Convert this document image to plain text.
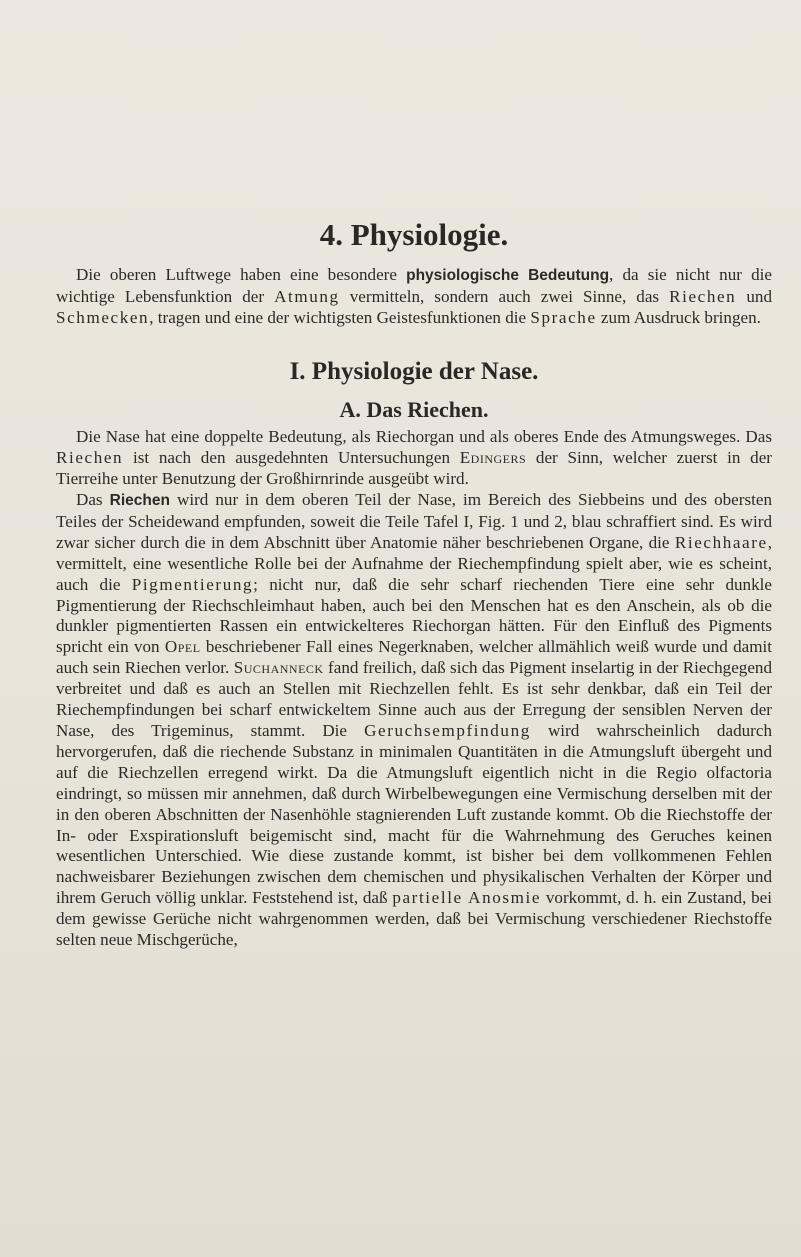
4. Physiologie.

Die oberen Luftwege haben eine besondere physiologische Bedeutung, da sie nicht nur die wichtige Lebensfunktion der Atmung vermitteln, sondern auch zwei Sinne, das Riechen und Schmecken, tragen und eine der wichtigsten Geistesfunktionen die Sprache zum Ausdruck bringen.

I. Physiologie der Nase.
A. Das Riechen.

Die Nase hat eine doppelte Bedeutung, als Riechorgan und als oberes Ende des Atmungsweges. Das Riechen ist nach den ausgedehnten Untersuchungen Edingers der Sinn, welcher zuerst in der Tierreihe unter Benutzung der Großhirnrinde ausgeübt wird.

Das Riechen wird nur in dem oberen Teil der Nase, im Bereich des Siebbeins und des obersten Teiles der Scheidewand empfunden, soweit die Teile Tafel I, Fig. 1 und 2, blau schraffiert sind. Es wird zwar sicher durch die in dem Abschnitt über Anatomie näher beschriebenen Organe, die Riechhaare, vermittelt, eine wesentliche Rolle bei der Aufnahme der Riechempfindung spielt aber, wie es scheint, auch die Pigmentierung; nicht nur, daß die sehr scharf riechenden Tiere eine sehr dunkle Pigmentierung der Riechschleimhaut haben, auch bei den Menschen hat es den Anschein, als ob die dunkler pigmentierten Rassen ein entwickelteres Riechorgan hätten. Für den Einfluß des Pigments spricht ein von Opel beschriebener Fall eines Negerknaben, welcher allmählich weiß wurde und damit auch sein Riechen verlor. Suchanneck fand freilich, daß sich das Pigment inselartig in der Riechgegend verbreitet und daß es auch an Stellen mit Riechzellen fehlt. Es ist sehr denkbar, daß ein Teil der Riechempfindungen bei scharf entwickeltem Sinne auch aus der Erregung der sensiblen Nerven der Nase, des Trigeminus, stammt. Die Geruchsempfindung wird wahrscheinlich dadurch hervorgerufen, daß die riechende Substanz in minimalen Quantitäten in die Atmungsluft übergeht und auf die Riechzellen erregend wirkt. Da die Atmungsluft eigentlich nicht in die Regio olfactoria eindringt, so müssen mir annehmen, daß durch Wirbelbewegungen eine Vermischung derselben mit der in den oberen Abschnitten der Nasenhöhle stagnierenden Luft zustande kommt. Ob die Riechstoffe der In- oder Exspirationsluft beigemischt sind, macht für die Wahrnehmung des Geruches keinen wesentlichen Unterschied. Wie diese zustande kommt, ist bisher bei dem vollkommenen Fehlen nachweisbarer Beziehungen zwischen dem chemischen und physikalischen Verhalten der Körper und ihrem Geruch völlig unklar. Feststehend ist, daß partielle Anosmie vorkommt, d. h. ein Zustand, bei dem gewisse Gerüche nicht wahrgenommen werden, daß bei Vermischung verschiedener Riechstoffe selten neue Mischgerüche,
